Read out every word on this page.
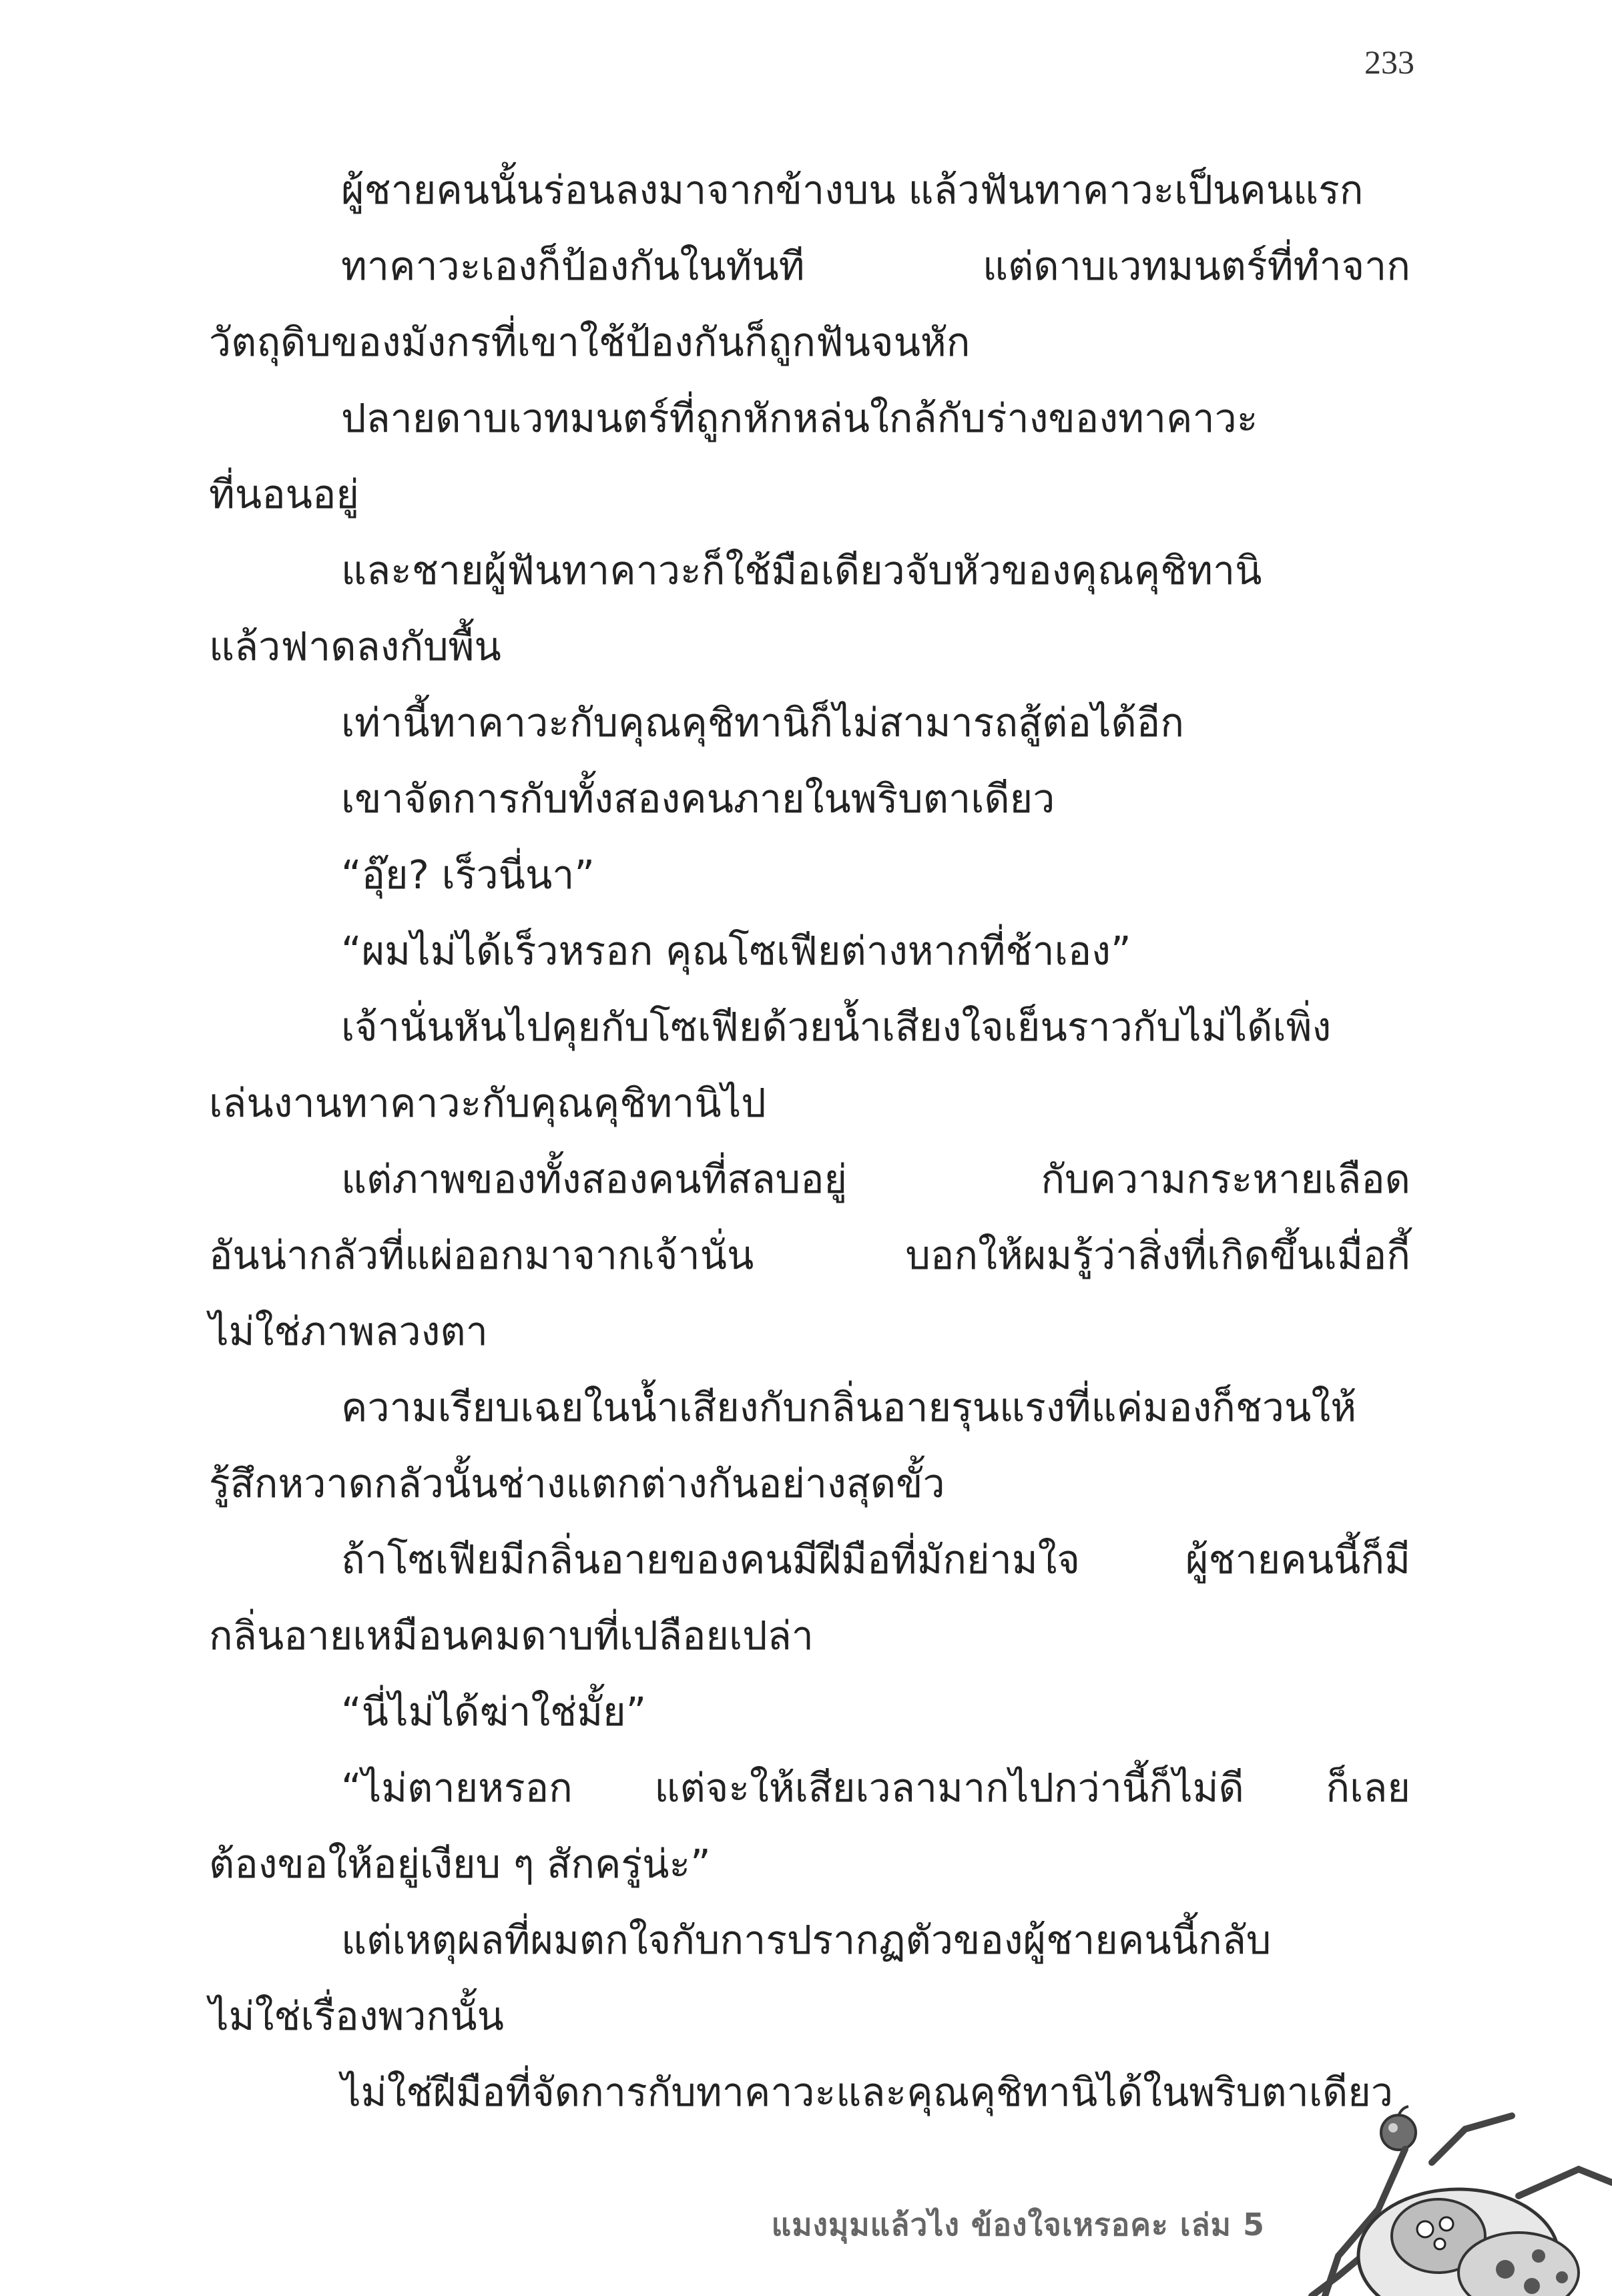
233

ผู้ชายคนนั้นร่อนลงมาจากข้างบน แล้วฟันทาคาวะเป็นคนแรก

ทาคาวะเองก็ป้องกันในทันที แต่ดาบเวทมนตร์ที่ทำจาก
วัตถุดิบของมังกรที่เขาใช้ป้องกันก็ถูกฟันจนหัก

ปลายดาบเวทมนตร์ที่ถูกหักหล่นใกล้กับร่างของทาคาวะ
ที่นอนอยู่

และชายผู้ฟันทาคาวะก็ใช้มือเดียวจับหัวของคุณคุชิทานิ
แล้วฟาดลงกับพื้น

เท่านี้ทาคาวะกับคุณคุชิทานิก็ไม่สามารถสู้ต่อได้อีก

เขาจัดการกับทั้งสองคนภายในพริบตาเดียว

“อุ๊ย? เร็วนี่นา”

“ผมไม่ได้เร็วหรอก คุณโซเฟียต่างหากที่ช้าเอง”

เจ้านั่นหันไปคุยกับโซเฟียด้วยน้ำเสียงใจเย็นราวกับไม่ได้เพิ่ง
เล่นงานทาคาวะกับคุณคุชิทานิไป

แต่ภาพของทั้งสองคนที่สลบอยู่ กับความกระหายเลือด
อันน่ากลัวที่แผ่ออกมาจากเจ้านั่น บอกให้ผมรู้ว่าสิ่งที่เกิดขึ้นเมื่อกี้
ไม่ใช่ภาพลวงตา

ความเรียบเฉยในน้ำเสียงกับกลิ่นอายรุนแรงที่แค่มองก็ชวนให้
รู้สึกหวาดกลัวนั้นช่างแตกต่างกันอย่างสุดขั้ว

ถ้าโซเฟียมีกลิ่นอายของคนมีฝีมือที่มักย่ามใจ ผู้ชายคนนี้ก็มี
กลิ่นอายเหมือนคมดาบที่เปลือยเปล่า

“นี่ไม่ได้ฆ่าใช่มั้ย”

“ไม่ตายหรอก แต่จะให้เสียเวลามากไปกว่านี้ก็ไม่ดี ก็เลย
ต้องขอให้อยู่เงียบ ๆ สักครู่น่ะ”

แต่เหตุผลที่ผมตกใจกับการปรากฏตัวของผู้ชายคนนี้กลับ
ไม่ใช่เรื่องพวกนั้น

ไม่ใช่ฝีมือที่จัดการกับทาคาวะและคุณคุชิทานิได้ในพริบตาเดียว

แมงมุมแล้วไง ข้องใจเหรอคะ เล่ม 5
